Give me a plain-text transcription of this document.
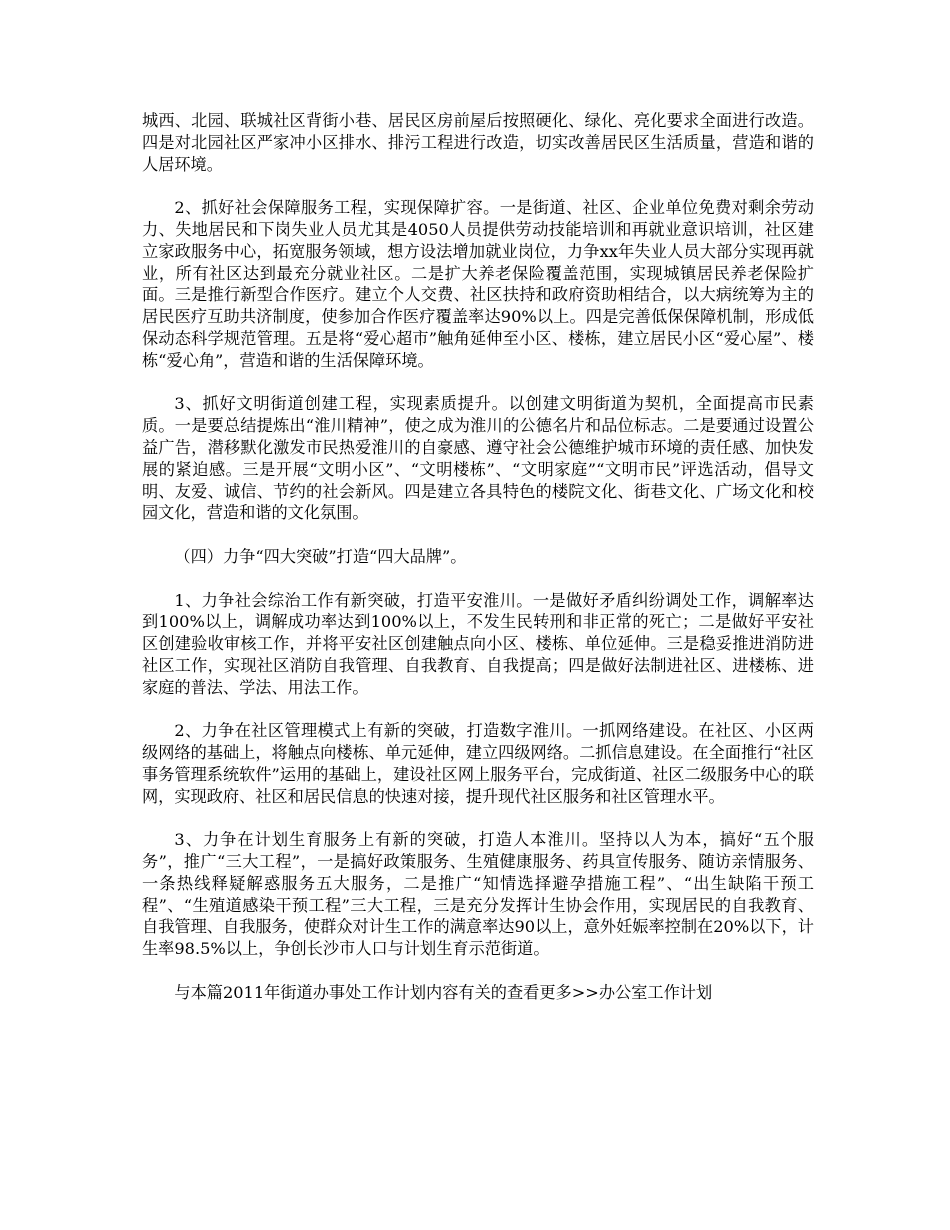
城西、北园、联城社区背街小巷、居民区房前屋后按照硬化、绿化、亮化要求全面进行改造。四是对北园社区严家冲小区排水、排污工程进行改造，切实改善居民区生活质量，营造和谐的人居环境。

2、抓好社会保障服务工程，实现保障扩容。一是街道、社区、企业单位免费对剩余劳动力、失地居民和下岗失业人员尤其是4050人员提供劳动技能培训和再就业意识培训，社区建立家政服务中心，拓宽服务领域，想方设法增加就业岗位，力争xx年失业人员大部分实现再就业，所有社区达到最充分就业社区。二是扩大养老保险覆盖范围，实现城镇居民养老保险扩面。三是推行新型合作医疗。建立个人交费、社区扶持和政府资助相结合，以大病统筹为主的居民医疗互助共济制度，使参加合作医疗覆盖率达90%以上。四是完善低保保障机制，形成低保动态科学规范管理。五是将“爱心超市”触角延伸至小区、楼栋，建立居民小区“爱心屋”、楼栋“爱心角”，营造和谐的生活保障环境。

3、抓好文明街道创建工程，实现素质提升。以创建文明街道为契机，全面提高市民素质。一是要总结提炼出“淮川精神”，使之成为淮川的公德名片和品位标志。二是要通过设置公益广告，潜移默化激发市民热爱淮川的自豪感、遵守社会公德维护城市环境的责任感、加快发展的紧迫感。三是开展“文明小区”、“文明楼栋”、“文明家庭”“文明市民”评选活动，倡导文明、友爱、诚信、节约的社会新风。四是建立各具特色的楼院文化、街巷文化、广场文化和校园文化，营造和谐的文化氛围。

（四）力争“四大突破”打造“四大品牌”。

1、力争社会综治工作有新突破，打造平安淮川。一是做好矛盾纠纷调处工作，调解率达到100%以上，调解成功率达到100%以上，不发生民转刑和非正常的死亡；二是做好平安社区创建验收审核工作，并将平安社区创建触点向小区、楼栋、单位延伸。三是稳妥推进消防进社区工作，实现社区消防自我管理、自我教育、自我提高；四是做好法制进社区、进楼栋、进家庭的普法、学法、用法工作。

2、力争在社区管理模式上有新的突破，打造数字淮川。一抓网络建设。在社区、小区两级网络的基础上，将触点向楼栋、单元延伸，建立四级网络。二抓信息建设。在全面推行“社区事务管理系统软件”运用的基础上，建设社区网上服务平台，完成街道、社区二级服务中心的联网，实现政府、社区和居民信息的快速对接，提升现代社区服务和社区管理水平。

3、力争在计划生育服务上有新的突破，打造人本淮川。坚持以人为本，搞好“五个服务”，推广“三大工程”，一是搞好政策服务、生殖健康服务、药具宣传服务、随访亲情服务、一条热线释疑解惑服务五大服务，二是推广“知情选择避孕措施工程”、“出生缺陷干预工程”、“生殖道感染干预工程”三大工程，三是充分发挥计生协会作用，实现居民的自我教育、自我管理、自我服务，使群众对计生工作的满意率达90以上，意外妊娠率控制在20%以下，计生率98.5%以上，争创长沙市人口与计划生育示范街道。

与本篇2011年街道办事处工作计划内容有关的查看更多>>办公室工作计划
